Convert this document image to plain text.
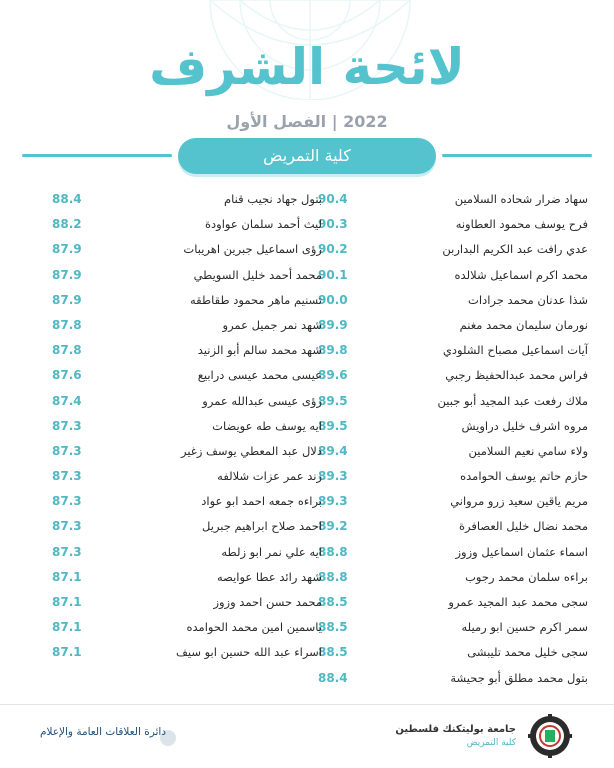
لائحة الشرف
2022 | الفصل الأول
كلية التمريض
سهاد ضرار شحاده السلامين
90.4
فرح يوسف محمود العطاونه
90.3
عدي رافت عبد الكريم البداربن
90.2
محمد اكرم اسماعيل شلالده
90.1
شذا عدنان محمد جرادات
90.0
نورمان سليمان محمد مغنم
89.9
آيات اسماعيل مصباح الشلودي
89.8
فراس محمد عبدالحفيظ رجبي
89.6
ملاك رفعت عبد المجيد أبو جبين
89.5
مروه اشرف خليل دراويش
89.5
ولاء سامي نعيم السلامين
89.4
حازم حاتم يوسف الحوامده
89.3
مريم ياقين سعيد زرو مرواني
89.3
محمد نضال خليل العصافرة
89.2
اسماء عثمان اسماعيل وزوز
88.8
براءه سلمان محمد رجوب
88.8
سجى محمد عبد المجيد عمرو
88.5
سمر اكرم حسين ابو رميله
88.5
سجى خليل محمد تليبشى
88.5
بتول محمد مطلق أبو جحيشة
88.4
بتول جهاد نجيب قنام
88.4
ليث أحمد سلمان عواودة
88.2
رؤى اسماعيل جبرين اهريبات
87.9
محمد أحمد خليل السويطي
87.9
تسنيم ماهر محمود طقاطقه
87.9
شهد نمر جميل عمرو
87.8
شهد محمد سالم أبو الزنيد
87.8
عيسى محمد عيسى درابيع
87.6
رؤى عيسى عبدالله عمرو
87.4
ايه يوسف طه عويضات
87.3
دلال عبد المعطي يوسف زغير
87.3
رند عمر عزات شلالفه
87.3
براءه جمعه احمد ابو عواد
87.3
احمد صلاح ابراهيم جبريل
87.3
ايه علي نمر ابو زلطه
87.3
شهد رائد عطا عوايصه
87.1
محمد حسن احمد وزوز
87.1
ياسمين امين محمد الحوامده
87.1
اسراء عبد الله حسين ابو سيف
87.1
جامعة بوليتكنك فلسطين
كلية التمريض
دائرة العلاقات العامة والإعلام
